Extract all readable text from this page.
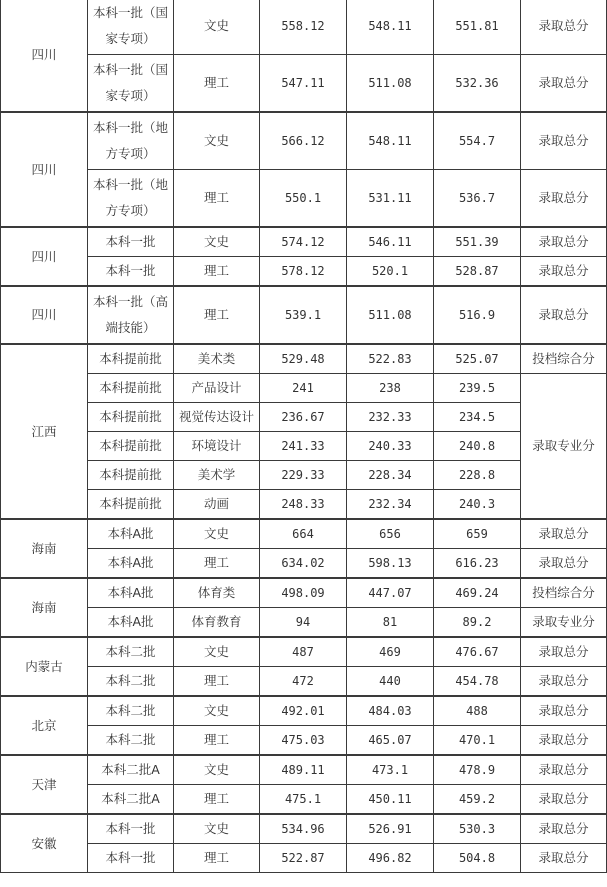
四川	本科一批（国家专项）	文史	558.12	548.11	551.81	录取总分
	本科一批（国家专项）	理工	547.11	511.08	532.36	录取总分
四川	本科一批（地方专项）	文史	566.12	548.11	554.7	录取总分
	本科一批（地方专项）	理工	550.1	531.11	536.7	录取总分
四川	本科一批	文史	574.12	546.11	551.39	录取总分
	本科一批	理工	578.12	520.1	528.87	录取总分
四川	本科一批（高端技能）	理工	539.1	511.08	516.9	录取总分
江西	本科提前批	美术类	529.48	522.83	525.07	投档综合分
	本科提前批	产品设计	241	238	239.5	录取专业分
	本科提前批	视觉传达设计	236.67	232.33	234.5	
	本科提前批	环境设计	241.33	240.33	240.8	
	本科提前批	美术学	229.33	228.34	228.8	
	本科提前批	动画	248.33	232.34	240.3	
海南	本科A批	文史	664	656	659	录取总分
	本科A批	理工	634.02	598.13	616.23	录取总分
海南	本科A批	体育类	498.09	447.07	469.24	投档综合分
	本科A批	体育教育	94	81	89.2	录取专业分
内蒙古	本科二批	文史	487	469	476.67	录取总分
	本科二批	理工	472	440	454.78	录取总分
北京	本科二批	文史	492.01	484.03	488	录取总分
	本科二批	理工	475.03	465.07	470.1	录取总分
天津	本科二批A	文史	489.11	473.1	478.9	录取总分
	本科二批A	理工	475.1	450.11	459.2	录取总分
安徽	本科一批	文史	534.96	526.91	530.3	录取总分
	本科一批	理工	522.87	496.82	504.8	录取总分
